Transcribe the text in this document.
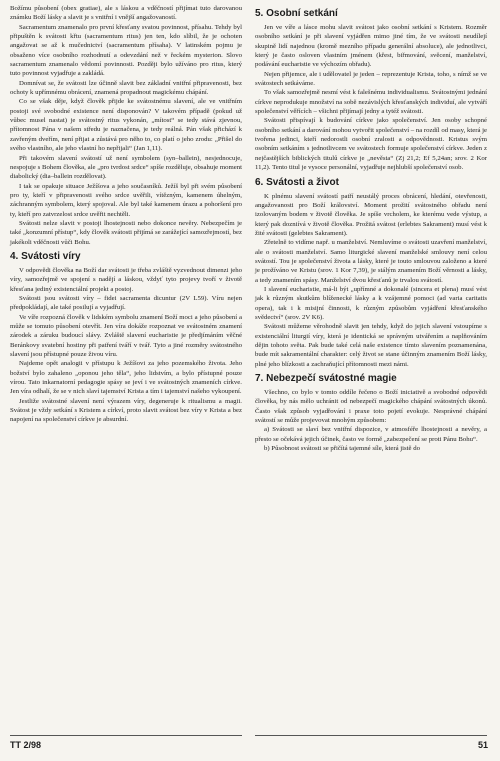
Božímu působení (obex gratiae), ale s láskou a vděčností přijímat tuto darovanou známku Boží lásky a slavit je s vnitřní i vnější angažovaností.

Sacramentum znamenalo pro první křesťany svatou povinnost, přísahu. Tehdy byl připuštěn k svátosti křtu (sacramentum ritus) jen ten, kdo slíbil, že je ochoten angažovat se až k mučednictví (sacramentum přísaha). V latinském pojmu je obsaženo více osobního rozhodnutí a odevzdání než v řeckém mysterion. Slovo sacramentum znamenalo vědomí povinnosti. Později bylo užíváno pro ritus, který tuto povinnost vyjadřuje a zakládá.

Domnívat se, že svátosti lze účinně slavit bez základní vnitřní připravenosti, bez ochoty k upřímnému obrácení, znamená propadnout magickému chápání.

Co se však děje, když člověk přijde ke svátostnému slavení, ale ve vnitřním postoji své svobodné existence není disponován? V takovém případě (pokud už vůbec musel nastat) je svátostný ritus vykonán, „mítost“ se tedy stává zjevnou, přítomnost Pána v našem středu je naznačena, je tedy reálná. Pán však přichází k zavřeným dveřím, není přijat a zůstává pro něho to, co platí o jeho zrodu: „Přišel do svého vlastního, ale jeho vlastní ho nepřijali“ (Jan 1,11).

Při takovém slavení svátostí už není symbolem (syn–ballein), nesjednocuje, nespojuje s Bohem člověka, ale „pro tvrdost srdce“ spíše rozděluje, obsahuje moment diabolický (dia–ballein rozdělovat).

I tak se opakuje situace Ježíšova a jeho současníků. Ježíš byl při svém působení pro ty, kteří v připravenosti svého srdce uvěřili, vítězným, kamenem úhelným, záchranným symbolem, který spojoval. Ale byl také kamenem úrazu a pohoršení pro ty, kteří pro zatvrzelost srdce uvěřit nechtěli.

Svátosti nelze slavit v postoji lhostejnosti nebo dokonce nevěry. Nebezpečím je také „konzumní přístup“, kdy člověk svátosti přijímá se zarážející samozřejmostí, bez jakékoli vděčnosti vůči Bohu.

4. Svátosti víry

V odpovědi člověka na Boží dar svátosti je třeba zvláště vyzvednout dimenzi jeho víry, samozřejmě ve spojení s nadějí a láskou, vždyť tyto projevy tvoří v životě křesťana jediný existenciální projekt a postoj.

Svátosti jsou svátosti víry – fidei sacramenta dicuntur (2V L59). Víru nejen předpokládají, ale také posilují a vyjadřují.

Ve víře rozpozná člověk v lidském symbolu znamení Boží moci a jeho působení a může se tomuto působení otevřít. Jen víra dokáže rozpoznat ve svátostném znamení zárodek a záruku budoucí slávy. Zvláště slavení eucharistie je předjímáním věčné Beránkovy svatební hostiny při patření tváří v tvář. Tyto a jiné rozměry svátostného slavení jsou přístupné pouze živou víru.

Najdeme opět analogii v přístupu k Ježíšovi za jeho pozemského života. Jeho božství bylo zahaleno „oponou jeho těla“, jeho lidstvím, a bylo přístupné pouze vírou. Tato inkarnatorní pedagogie spásy se jeví i ve svátostných znameních církve. Jen víra odhalí, že se v nich slaví tajemství Krista a tím i tajemství našeho vykoupení.

Jestliže svátostné slavení není výrazem víry, degeneruje k ritualismu a magii. Svátost je vždy setkání s Kristem a církví, proto slavit svátost bez víry v Krista a bez napojení na společenství církve je absurdní.

5. Osobní setkání

Jen ve víře a lásce mohu slavit svátost jako osobní setkání s Kristem. Rozměr osobního setkání je při slavení vyjádřen mimo jiné tím, že ve svátosti neudílejí skupině lidí najednou (kromě mezního případu generální absoluce), ale jednotlivci, který je často osloven vlastním jménem (křest, biřmování, svěcení, manželství, podávání eucharistie ve výchozím obřadu).

Nejen přijemce, ale i udělovatel je jeden – reprezentuje Krista, toho, s nímž se ve svátostech setkáváme.

To však samozřejmě nesmí vést k falešnému individualismu. Svátostnými jednání církve neprodukuje množství na sobě nezávislých křesťanských individuí, ale vytváří společenství věřících – všichni přijímají jedny a tytéž svátosti.

Svátosti přispívají k budování církve jako společenství. Jen osoby schopné osobního setkání a darování mohou vytvořit společenství – na rozdíl od masy, která je tvořena jedinci, kteří nedorostli osobní zralosti a odpovědnosti. Kristus svým osobním setkáním s jednotlivcem ve svátostech formuje společenství církve. Jeden z nejčastějších biblických titulů církve je „nevěsta“ (Zj 21,2; Ef 5,24an; srov. 2 Kor 11,2). Tento titul je vysoce personální, vyjadřuje nejhlubší společenství osob.

6. Svátosti a život

K plnému slavení svátostí patří neustálý proces obrácení, hledání, otevřenosti, angažovanosti pro Boží království. Moment prožití svátostného obřadu není izolovaným bodem v životě člověka. Je spíše vrcholem, ke kterému vede výstup, a který pak dozniívá v životě člověka. Prožitá svátost (erlebtes Sakrament) musí vést k žité svátosti (gelebtes Sakrament).

Zřetelně to vidíme např. u manželství. Nemluvíme o svátosti uzavření manželství, ale o svátosti manželství. Samo liturgické slavení manželské smlouvy není celou svátostí. Tou je společenství života a lásky, které je touto smlouvou založeno a které je prožíváno ve Kristu (srov. 1 Kor 7,39), je stálým znamením Boží věrnosti a lásky, a tedy znamením spásy. Manželství dvou křesťanů je trvalou svátostí.

I slavení eucharistie, má-li být „upřímné a dokonalé (sincera et plena) musí vést jak k různým skutkům blíženecké lásky a k vzájemné pomoci (ad varia caritatis opera), tak i k misijní činnosti, k různým způsobům vyjádření křesťanského svědectví“ (srov. 2V K6).

Svátosti můžeme věrohodně slavit jen tehdy, když do jejich slavení vstoupíme s existenciální liturgií víry, která je identická se správným utvářením a naplňováním dějin tohoto světa. Pak bude také celá naše existence tímto slavením poznamenána, bude mít sakramentální charakter: celý život se stane účinným znamením Boží lásky, plné jeho blízkosti a zachraňující přítomnosti mezi námi.

7. Nebezpečí svátostné magie

Všechno, co bylo v tomto oddíle řečeno o Boží iniciativě a svobodné odpovědi člověka, by nás mělo uchránit od nebezpečí magického chápání svátostných úkonů. Často však způsob vyjadřování i praxe toto pojetí evokuje. Nesprávné chápání svátostí se může projevovat mnohým způsobem:

a) Svátosti se slaví bez vnitřní dispozice, v atmosféře lhostejnosti a nevěry, a přesto se očekává jejich účinek, často ve formě „zabezpečení se proti Pánu Bohu“.

b) Působnost svátosti se přičítá tajemné síle, která jistě do

TT 2/98	51
